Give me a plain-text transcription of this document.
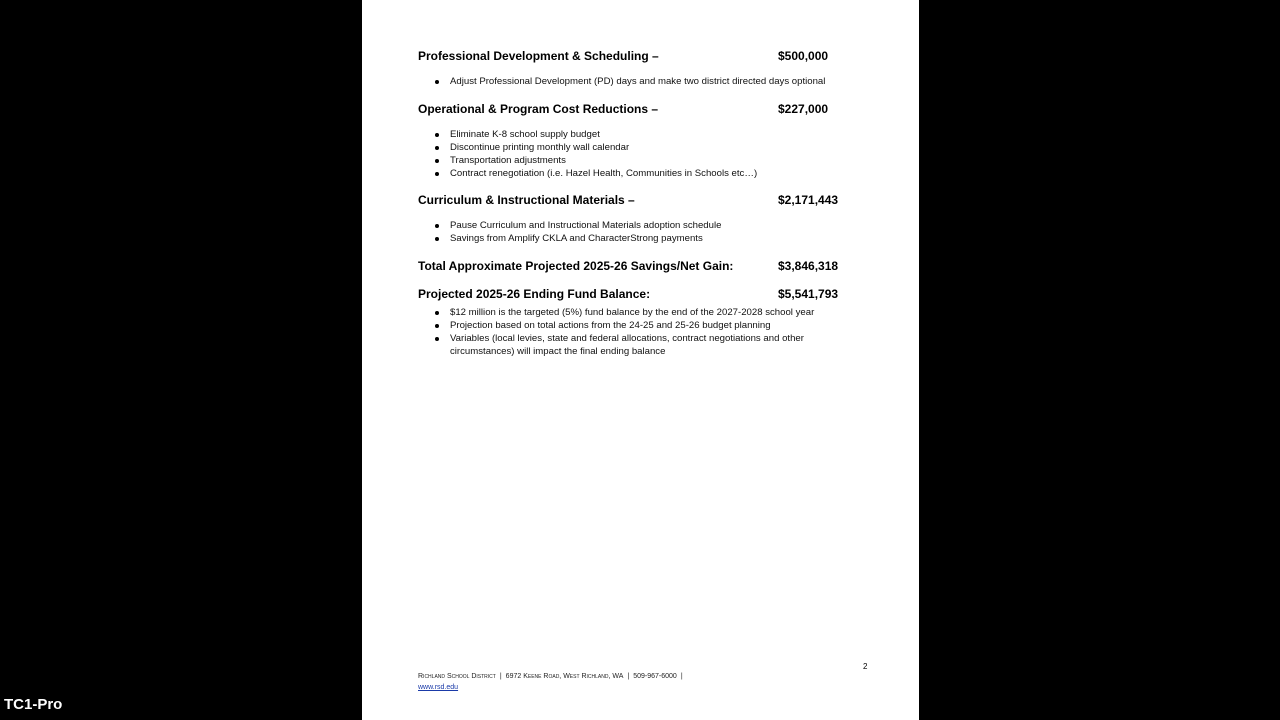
Professional Development & Scheduling –	$500,000
Adjust Professional Development (PD) days and make two district directed days optional
Operational & Program Cost Reductions –	$227,000
Eliminate K-8 school supply budget
Discontinue printing monthly wall calendar
Transportation adjustments
Contract renegotiation (i.e. Hazel Health, Communities in Schools etc…)
Curriculum & Instructional Materials –	$2,171,443
Pause Curriculum and Instructional Materials adoption schedule
Savings from Amplify CKLA and CharacterStrong payments
Total Approximate Projected 2025-26 Savings/Net Gain:	$3,846,318
Projected 2025-26 Ending Fund Balance:	$5,541,793
$12 million is the targeted (5%) fund balance by the end of the 2027-2028 school year
Projection based on total actions from the 24-25 and 25-26 budget planning
Variables (local levies, state and federal allocations, contract negotiations and other circumstances) will impact the final ending balance
2
Richland School District | 6972 Keene Road, West Richland, WA | 509-967-6000 |
www.rsd.edu
TC1-Pro
